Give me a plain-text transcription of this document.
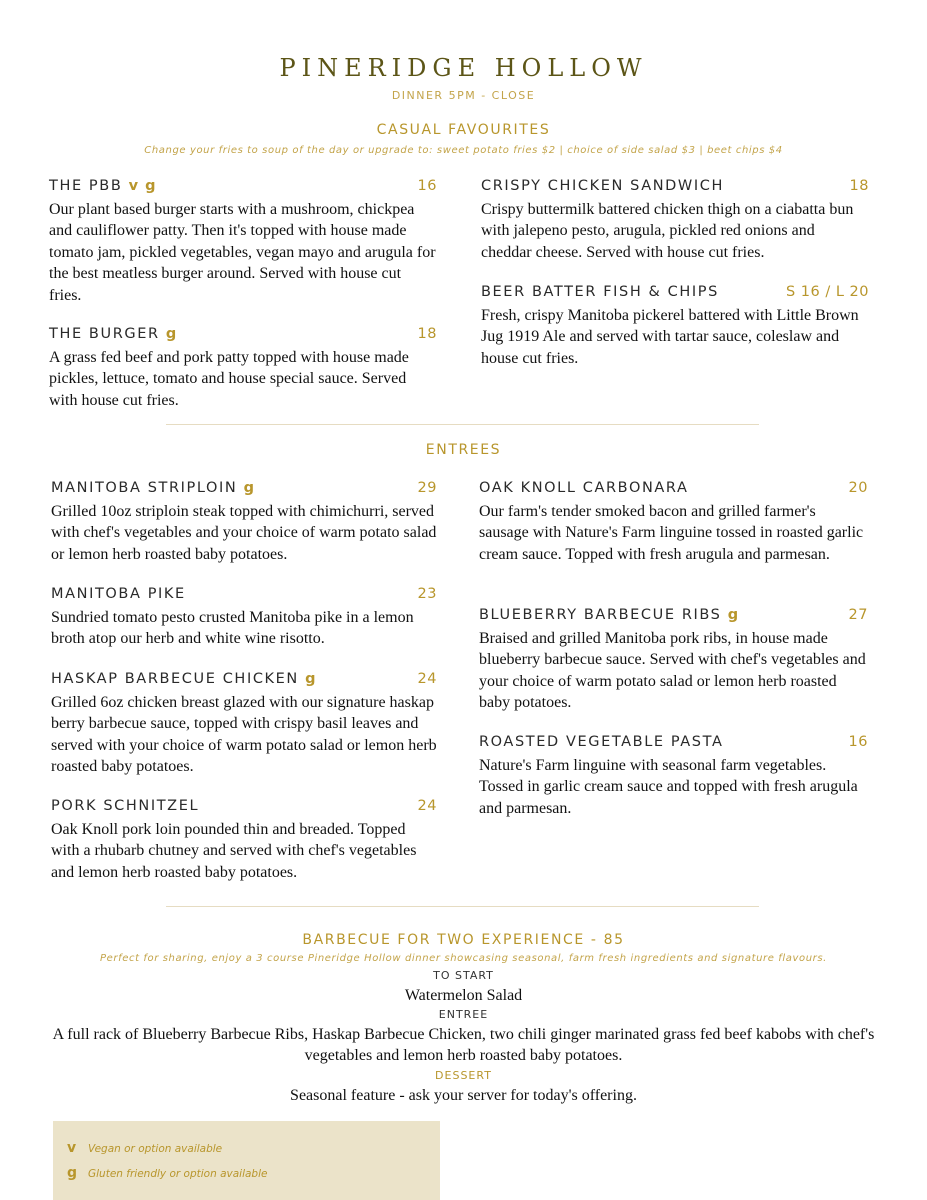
PINERIDGE HOLLOW
DINNER 5PM - CLOSE
CASUAL FAVOURITES
Change your fries to soup of the day or upgrade to: sweet potato fries $2 | choice of side salad $3 | beet chips $4
THE PBB v g	16
Our plant based burger starts with a mushroom, chickpea and cauliflower patty. Then it's topped with house made tomato jam, pickled vegetables, vegan mayo and arugula for the best meatless burger around. Served with house cut fries.
THE BURGER g	18
A grass fed beef and pork patty topped with house made pickles, lettuce, tomato and house special sauce. Served with house cut fries.
CRISPY CHICKEN SANDWICH	18
Crispy buttermilk battered chicken thigh on a ciabatta bun with jalepeno pesto, arugula, pickled red onions and cheddar cheese. Served with house cut fries.
BEER BATTER FISH & CHIPS	S 16 / L 20
Fresh, crispy Manitoba pickerel battered with Little Brown Jug 1919 Ale and served with tartar sauce, coleslaw and house cut fries.
ENTREES
MANITOBA STRIPLOIN g	29
Grilled 10oz striploin steak topped with chimichurri, served with chef's vegetables and your choice of warm potato salad or lemon herb roasted baby potatoes.
MANITOBA PIKE	23
Sundried tomato pesto crusted Manitoba pike in a lemon broth atop our herb and white wine risotto.
HASKAP BARBECUE CHICKEN g	24
Grilled 6oz chicken breast glazed with our signature haskap berry barbecue sauce, topped with crispy basil leaves and served with your choice of warm potato salad or lemon herb roasted baby potatoes.
PORK SCHNITZEL	24
Oak Knoll pork loin pounded thin and breaded. Topped with a rhubarb chutney and served with chef's vegetables and lemon herb roasted baby potatoes.
OAK KNOLL CARBONARA	20
Our farm's tender smoked bacon and grilled farmer's sausage with Nature's Farm linguine tossed in roasted garlic cream sauce. Topped with fresh arugula and parmesan.
BLUEBERRY BARBECUE RIBS g	27
Braised and grilled Manitoba pork ribs, in house made blueberry barbecue sauce. Served with chef's vegetables and your choice of warm potato salad or lemon herb roasted baby potatoes.
ROASTED VEGETABLE PASTA	16
Nature's Farm linguine with seasonal farm vegetables. Tossed in garlic cream sauce and topped with fresh arugula and parmesan.
BARBECUE FOR TWO EXPERIENCE - 85
Perfect for sharing, enjoy a 3 course Pineridge Hollow dinner showcasing seasonal, farm fresh ingredients and signature flavours.
TO START
Watermelon Salad
ENTREE
A full rack of Blueberry Barbecue Ribs, Haskap Barbecue Chicken, two chili ginger marinated grass fed beef kabobs with chef's vegetables and lemon herb roasted baby potatoes.
DESSERT
Seasonal feature - ask your server for today's offering.
v	Vegan or option available
g	Gluten friendly or option available
